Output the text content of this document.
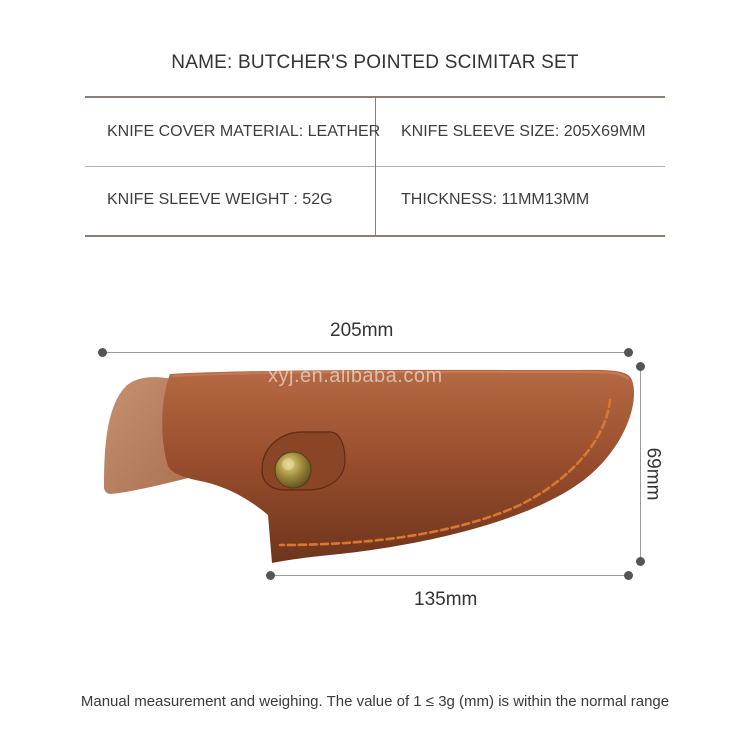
NAME: BUTCHER'S POINTED SCIMITAR SET
KNIFE COVER MATERIAL: LEATHER KNIFE SLEEVE SIZE: 205X69MM
KNIFE SLEEVE WEIGHT : 52G	THICKNESS: 11MM13MM
205mm
69mm
135mm
xyj.en.alibaba.com
Manual measurement and weighing. The value of 1 ≤ 3g (mm) is within the normal range
